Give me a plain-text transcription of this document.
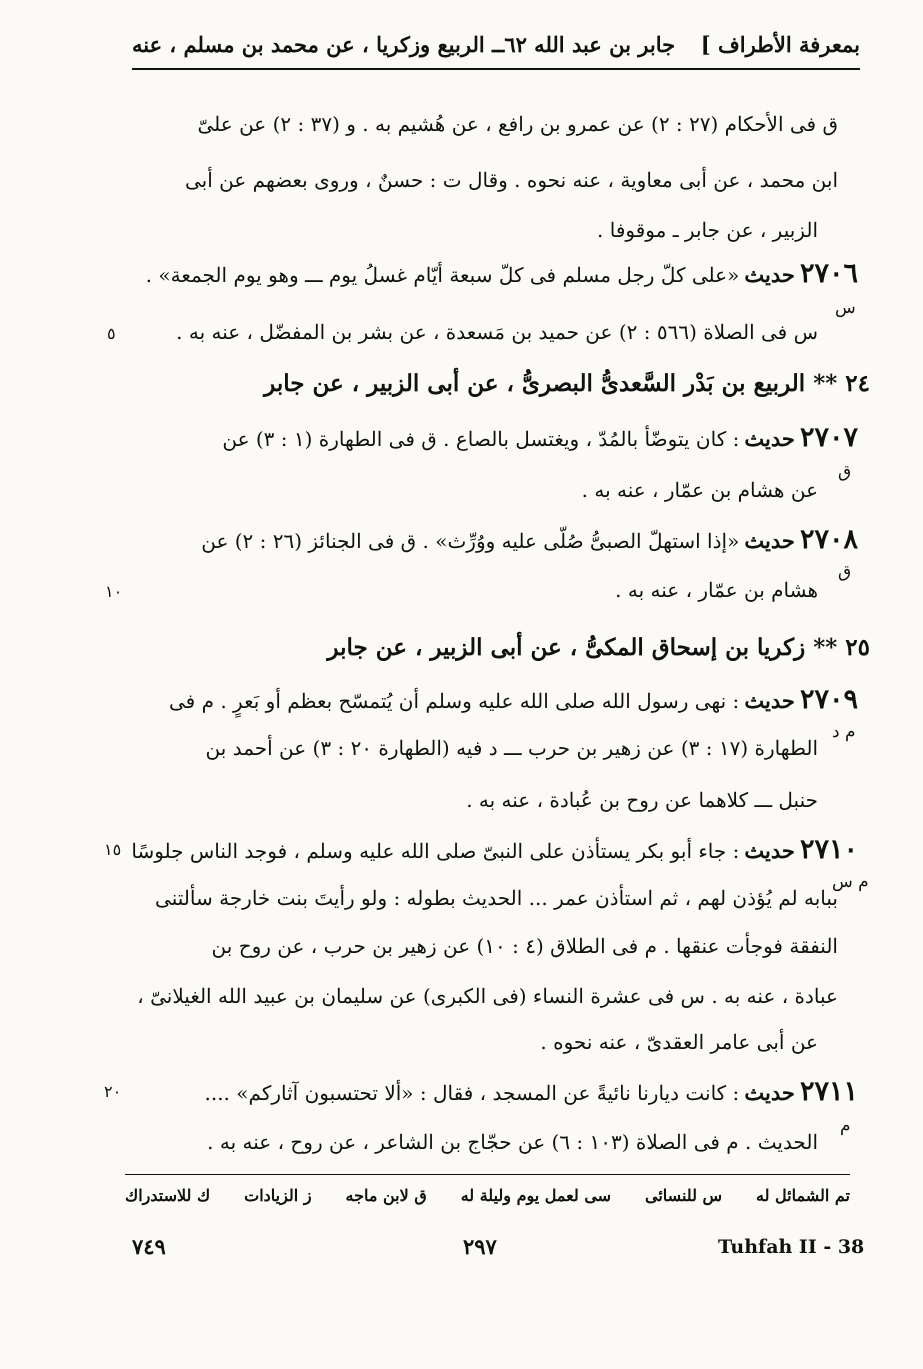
بمعرفة الأطراف ]
جابر بن عبد الله ٦٢ــ الربيع وزكريا ، عن محمد بن مسلم ، عنه
ق فى الأحكام (٢٧ : ٢) عن عمرو بن رافع ، عن هُشيم به . و (٣٧ : ٢) عن علىّ
ابن محمد ، عن أبى معاوية ، عنه نحوه . وقال ت : حسنٌ ، وروى بعضهم عن أبى
الزبير ، عن جابر ـ موقوفا .
٢٧٠٦ حديث «على كلّ رجل مسلم فى كلّ سبعة أيّام غسلُ يوم ـــ وهو يوم الجمعة» .
س
س فى الصلاة (٥٦٦ : ٢) عن حميد بن مَسعدة ، عن بشر بن المفضّل ، عنه به .
٥
٢٤ ** الربيع بن بَدْر السَّعدىُّ البصرىُّ ، عن أبى الزبير ، عن جابر
٢٧٠٧ حديث : كان يتوضّأ بالمُدّ ، ويغتسل بالصاع . ق فى الطهارة (١ : ٣) عن
ق
عن هشام بن عمّار ، عنه به .
٢٧٠٨ حديث «إذا استهلّ الصبىُّ صُلّى عليه ووُرِّث» . ق فى الجنائز (٢٦ : ٢) عن
ق
هشام بن عمّار ، عنه به .
١٠
٢٥ ** زكريا بن إسحاق المكىُّ ، عن أبى الزبير ، عن جابر
٢٧٠٩ حديث : نهى رسول الله صلى الله عليه وسلم أن يُتمسّح بعظم أو بَعرٍ . م فى
م د
الطهارة (١٧ : ٣) عن زهير بن حرب ـــ د فيه (الطهارة ٢٠ : ٣) عن أحمد بن
حنبل ـــ كلاهما عن روح بن عُبادة ، عنه به .
٢٧١٠ حديث : جاء أبو بكر يستأذن على النبىّ صلى الله عليه وسلم ، فوجد الناس جلوسًا
١٥
م س
ببابه لم يُؤذن لهم ، ثم استأذن عمر ... الحديث بطوله : ولو رأيتَ بنت خارجة سألتنى
النفقة فوجأت عنقها . م فى الطلاق (٤ : ١٠) عن زهير بن حرب ، عن روح بن
عبادة ، عنه به . س فى عشرة النساء (فى الكبرى) عن سليمان بن عبيد الله الغيلانىّ ،
عن أبى عامر العقدىّ ، عنه نحوه .
٢٧١١ حديث : كانت ديارنا نائيةً عن المسجد ، فقال : «ألا تحتسبون آثاركم» ....
٢٠
م
الحديث . م فى الصلاة (١٠٣ : ٦) عن حجّاج بن الشاعر ، عن روح ، عنه به .
تم الشمائل له
س للنسائى
سى لعمل يوم وليلة له
ق لابن ماجه
ز الزيادات
ك للاستدراك
Tuhfah II - 38
٢٩٧
٧٤٩
